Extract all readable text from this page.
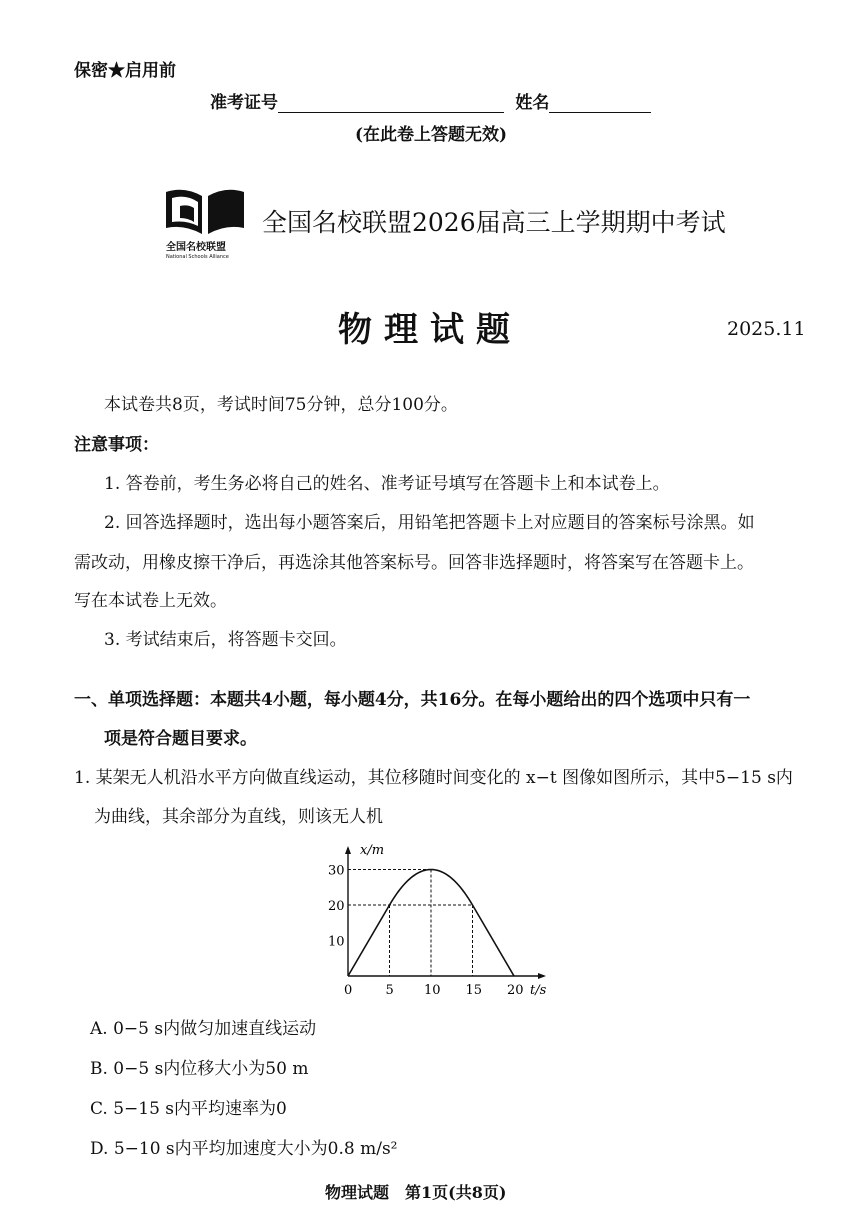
保密★启用前
准考证号	姓名
(在此卷上答题无效)
全国名校联盟
National Schools Alliance
全国名校联盟2026届高三上学期期中考试
物理试题	2025.11
本试卷共8页，考试时间75分钟，总分100分。
注意事项：
1. 答卷前，考生务必将自己的姓名、准考证号填写在答题卡上和本试卷上。
2. 回答选择题时，选出每小题答案后，用铅笔把答题卡上对应题目的答案标号涂黑。如
需改动，用橡皮擦干净后，再选涂其他答案标号。回答非选择题时，将答案写在答题卡上。
写在本试卷上无效。
3. 考试结束后，将答题卡交回。
一、单项选择题：本题共4小题，每小题4分，共16分。在每小题给出的四个选项中只有一
项是符合题目要求。
1. 某架无人机沿水平方向做直线运动，其位移随时间变化的 x−t 图像如图所示，其中5−15 s内
为曲线，其余部分为直线，则该无人机
x/m
t/s
0	5 10 15 20
10
20
30
A. 0−5 s内做匀加速直线运动
B. 0−5 s内位移大小为50 m
C. 5−15 s内平均速率为0
D. 5−10 s内平均加速度大小为0.8 m/s²
物理试题　第1页(共8页)
